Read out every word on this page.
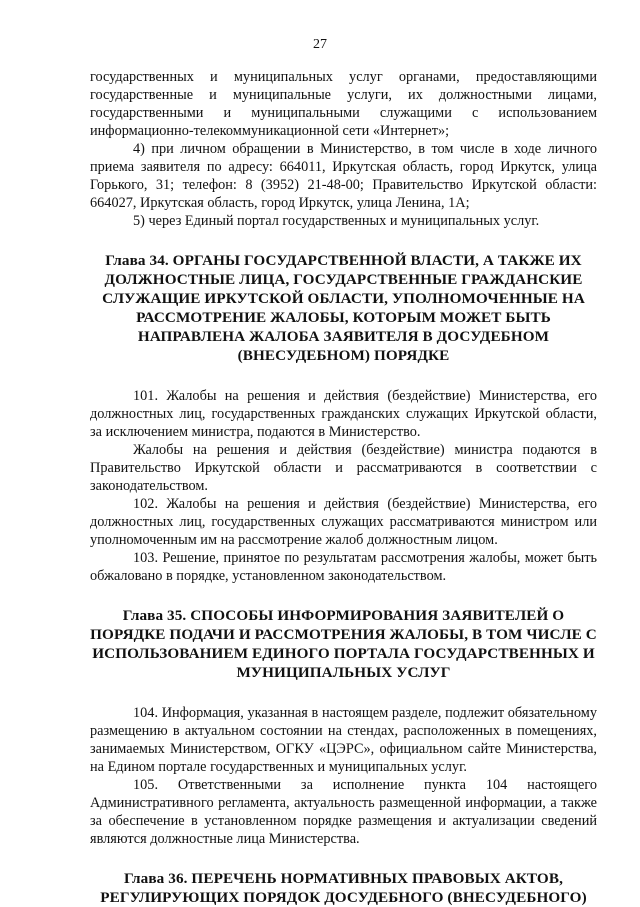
27

государственных и муниципальных услуг органами, предоставляющими государственные и муниципальные услуги, их должностными лицами, государственными и муниципальными служащими с использованием информационно-телекоммуникационной сети «Интернет»;

4) при личном обращении в Министерство, в том числе в ходе личного приема заявителя по адресу: 664011, Иркутская область, город Иркутск, улица Горького, 31; телефон: 8 (3952) 21-48-00; Правительство Иркутской области: 664027, Иркутская область, город Иркутск, улица Ленина, 1А;

5) через Единый портал государственных и муниципальных услуг.

Глава 34. ОРГАНЫ ГОСУДАРСТВЕННОЙ ВЛАСТИ, А ТАКЖЕ ИХ ДОЛЖНОСТНЫЕ ЛИЦА, ГОСУДАРСТВЕННЫЕ ГРАЖДАНСКИЕ СЛУЖАЩИЕ ИРКУТСКОЙ ОБЛАСТИ, УПОЛНОМОЧЕННЫЕ НА РАССМОТРЕНИЕ ЖАЛОБЫ, КОТОРЫМ МОЖЕТ БЫТЬ НАПРАВЛЕНА ЖАЛОБА ЗАЯВИТЕЛЯ В ДОСУДЕБНОМ (ВНЕСУДЕБНОМ) ПОРЯДКЕ

101. Жалобы на решения и действия (бездействие) Министерства, его должностных лиц, государственных гражданских служащих Иркутской области, за исключением министра, подаются в Министерство.

Жалобы на решения и действия (бездействие) министра подаются в Правительство Иркутской области и рассматриваются в соответствии с законодательством.

102. Жалобы на решения и действия (бездействие) Министерства, его должностных лиц, государственных служащих рассматриваются министром или уполномоченным им на рассмотрение жалоб должностным лицом.

103. Решение, принятое по результатам рассмотрения жалобы, может быть обжаловано в порядке, установленном законодательством.

Глава 35. СПОСОБЫ ИНФОРМИРОВАНИЯ ЗАЯВИТЕЛЕЙ О ПОРЯДКЕ ПОДАЧИ И РАССМОТРЕНИЯ ЖАЛОБЫ, В ТОМ ЧИСЛЕ С ИСПОЛЬЗОВАНИЕМ ЕДИНОГО ПОРТАЛА ГОСУДАРСТВЕННЫХ И МУНИЦИПАЛЬНЫХ УСЛУГ

104. Информация, указанная в настоящем разделе, подлежит обязательному размещению в актуальном состоянии на стендах, расположенных в помещениях, занимаемых Министерством, ОГКУ «ЦЭРС», официальном сайте Министерства, на Едином портале государственных и муниципальных услуг.

105. Ответственными за исполнение пункта 104 настоящего Административного регламента, актуальность размещенной информации, а также за обеспечение в установленном порядке размещения и актуализации сведений являются должностные лица Министерства.

Глава 36. ПЕРЕЧЕНЬ НОРМАТИВНЫХ ПРАВОВЫХ АКТОВ, РЕГУЛИРУЮЩИХ ПОРЯДОК ДОСУДЕБНОГО (ВНЕСУДЕБНОГО)
